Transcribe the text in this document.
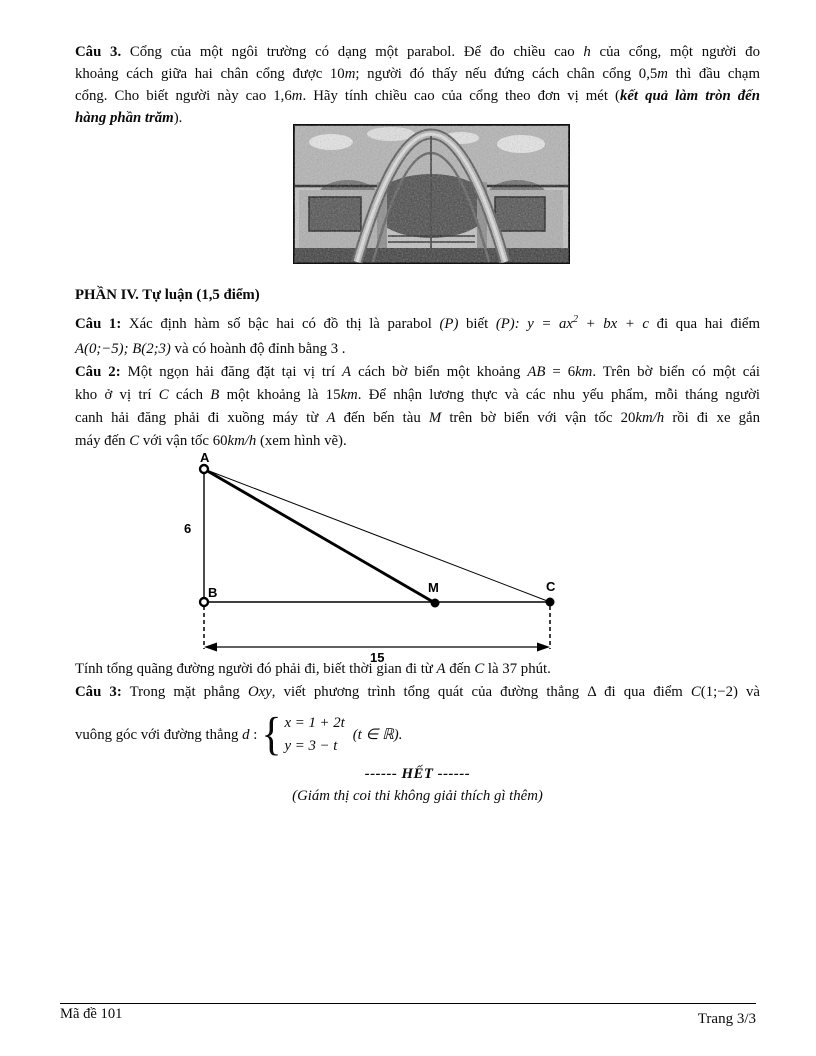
Câu 3. Cổng của một ngôi trường có dạng một parabol. Để đo chiều cao h của cổng, một người đo
khoảng cách giữa hai chân cổng được 10m; người đó thấy nếu đứng cách chân cổng 0,5m thì đầu chạm
cổng. Cho biết người này cao 1,6m. Hãy tính chiều cao của cổng theo đơn vị mét (kết quả làm tròn đến
hàng phần trăm).
PHẦN IV. Tự luận (1,5 điểm)
Câu 1: Xác định hàm số bậc hai có đồ thị là parabol (P) biết (P): $y = ax^2$ + bx + c đi qua hai điểm
A(0;−5); B(2;3) và có hoành độ đỉnh bằng 3 .
Câu 2: Một ngọn hải đăng đặt tại vị trí A cách bờ biển một khoảng AB = 6km. Trên bờ biển có một cái
kho ở vị trí C cách B một khoảng là 15km. Để nhận lương thực và các nhu yếu phẩm, mỗi tháng người
canh hải đăng phải đi xuồng máy từ A đến bến tàu M trên bờ biển với vận tốc 20km/h rồi đi xe gắn
máy đến C với vận tốc 60km/h (xem hình vẽ).
A
B	M	C
6
15
Tính tổng quãng đường người đó phải đi, biết thời gian đi từ A đến C là 37 phút.
Câu 3: Trong mặt phẳng Oxy, viết phương trình tổng quát của đường thẳng Δ đi qua điểm C(1;−2) và
vuông góc với đường thẳng d : { x = 1 + 2t
y = 3 − t
(t ∈ ℝ).
------ HẾT ------
(Giám thị coi thi không giải thích gì thêm)
Mã đề 101	Trang 3/3
